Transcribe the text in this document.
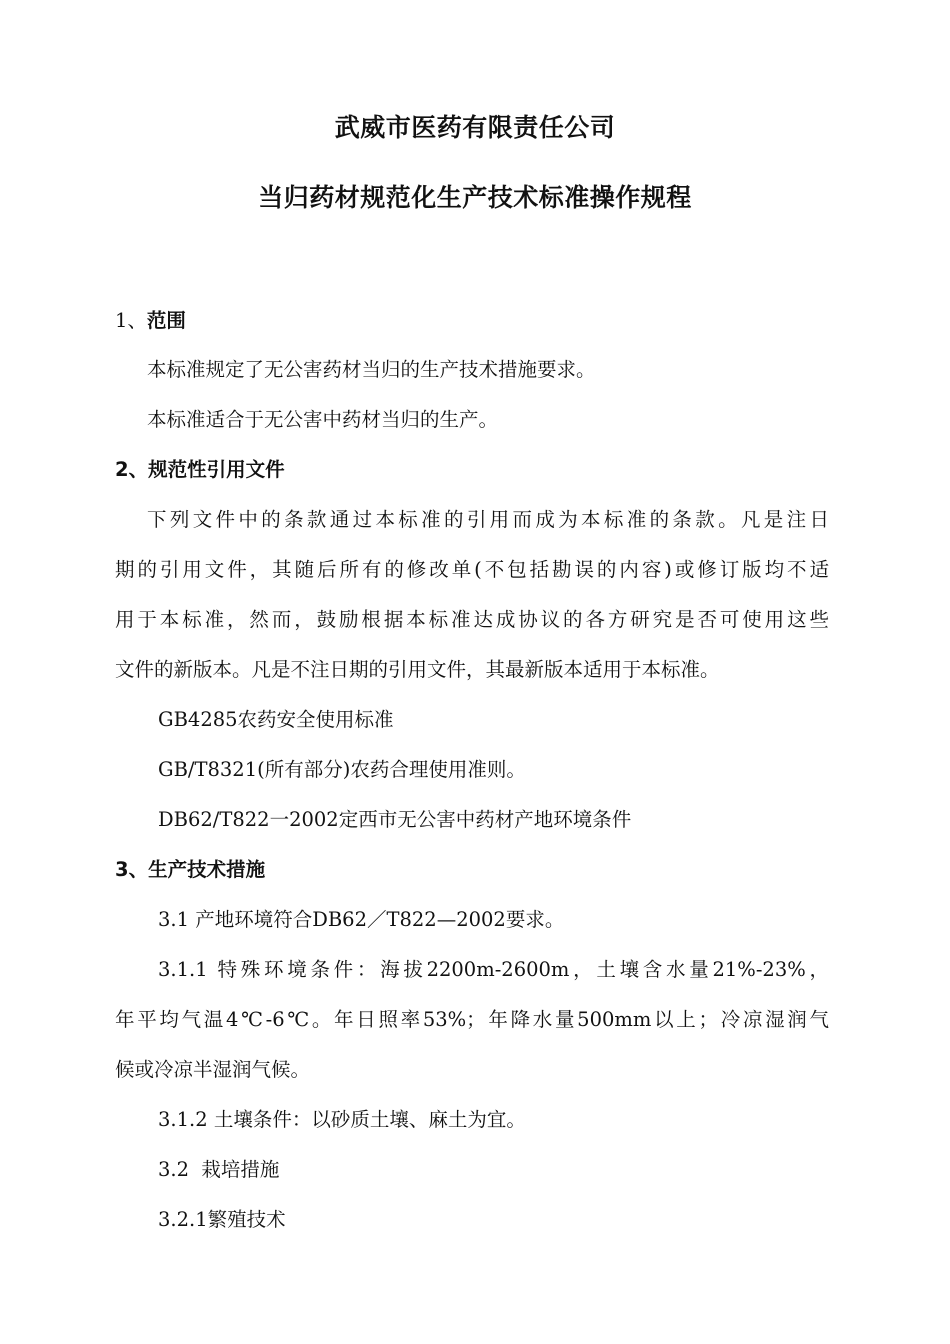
武威市医药有限责任公司
当归药材规范化生产技术标准操作规程
1、范围
本标准规定了无公害药材当归的生产技术措施要求。
本标准适合于无公害中药材当归的生产。
2、规范性引用文件
下列文件中的条款通过本标准的引用而成为本标准的条款。凡是注日
期的引用文件，其随后所有的修改单(不包括勘误的内容)或修订版均不适
用于本标准，然而，鼓励根据本标准达成协议的各方研究是否可使用这些
文件的新版本。凡是不注日期的引用文件，其最新版本适用于本标准。
GB4285农药安全使用标准
GB/T8321(所有部分)农药合理使用准则。
DB62/T822一2002定西市无公害中药材产地环境条件
3、生产技术措施
3.1 产地环境符合DB62／T822—2002要求。
3.1.1 特殊环境条件：海拔2200m-2600m，土壤含水量21%-23%，
年平均气温4℃-6℃。年日照率53%；年降水量500mm以上；冷凉湿润气
候或冷凉半湿润气候。
3.1.2 土壤条件：以砂质土壤、麻土为宜。
3.2  栽培措施
3.2.1繁殖技术
